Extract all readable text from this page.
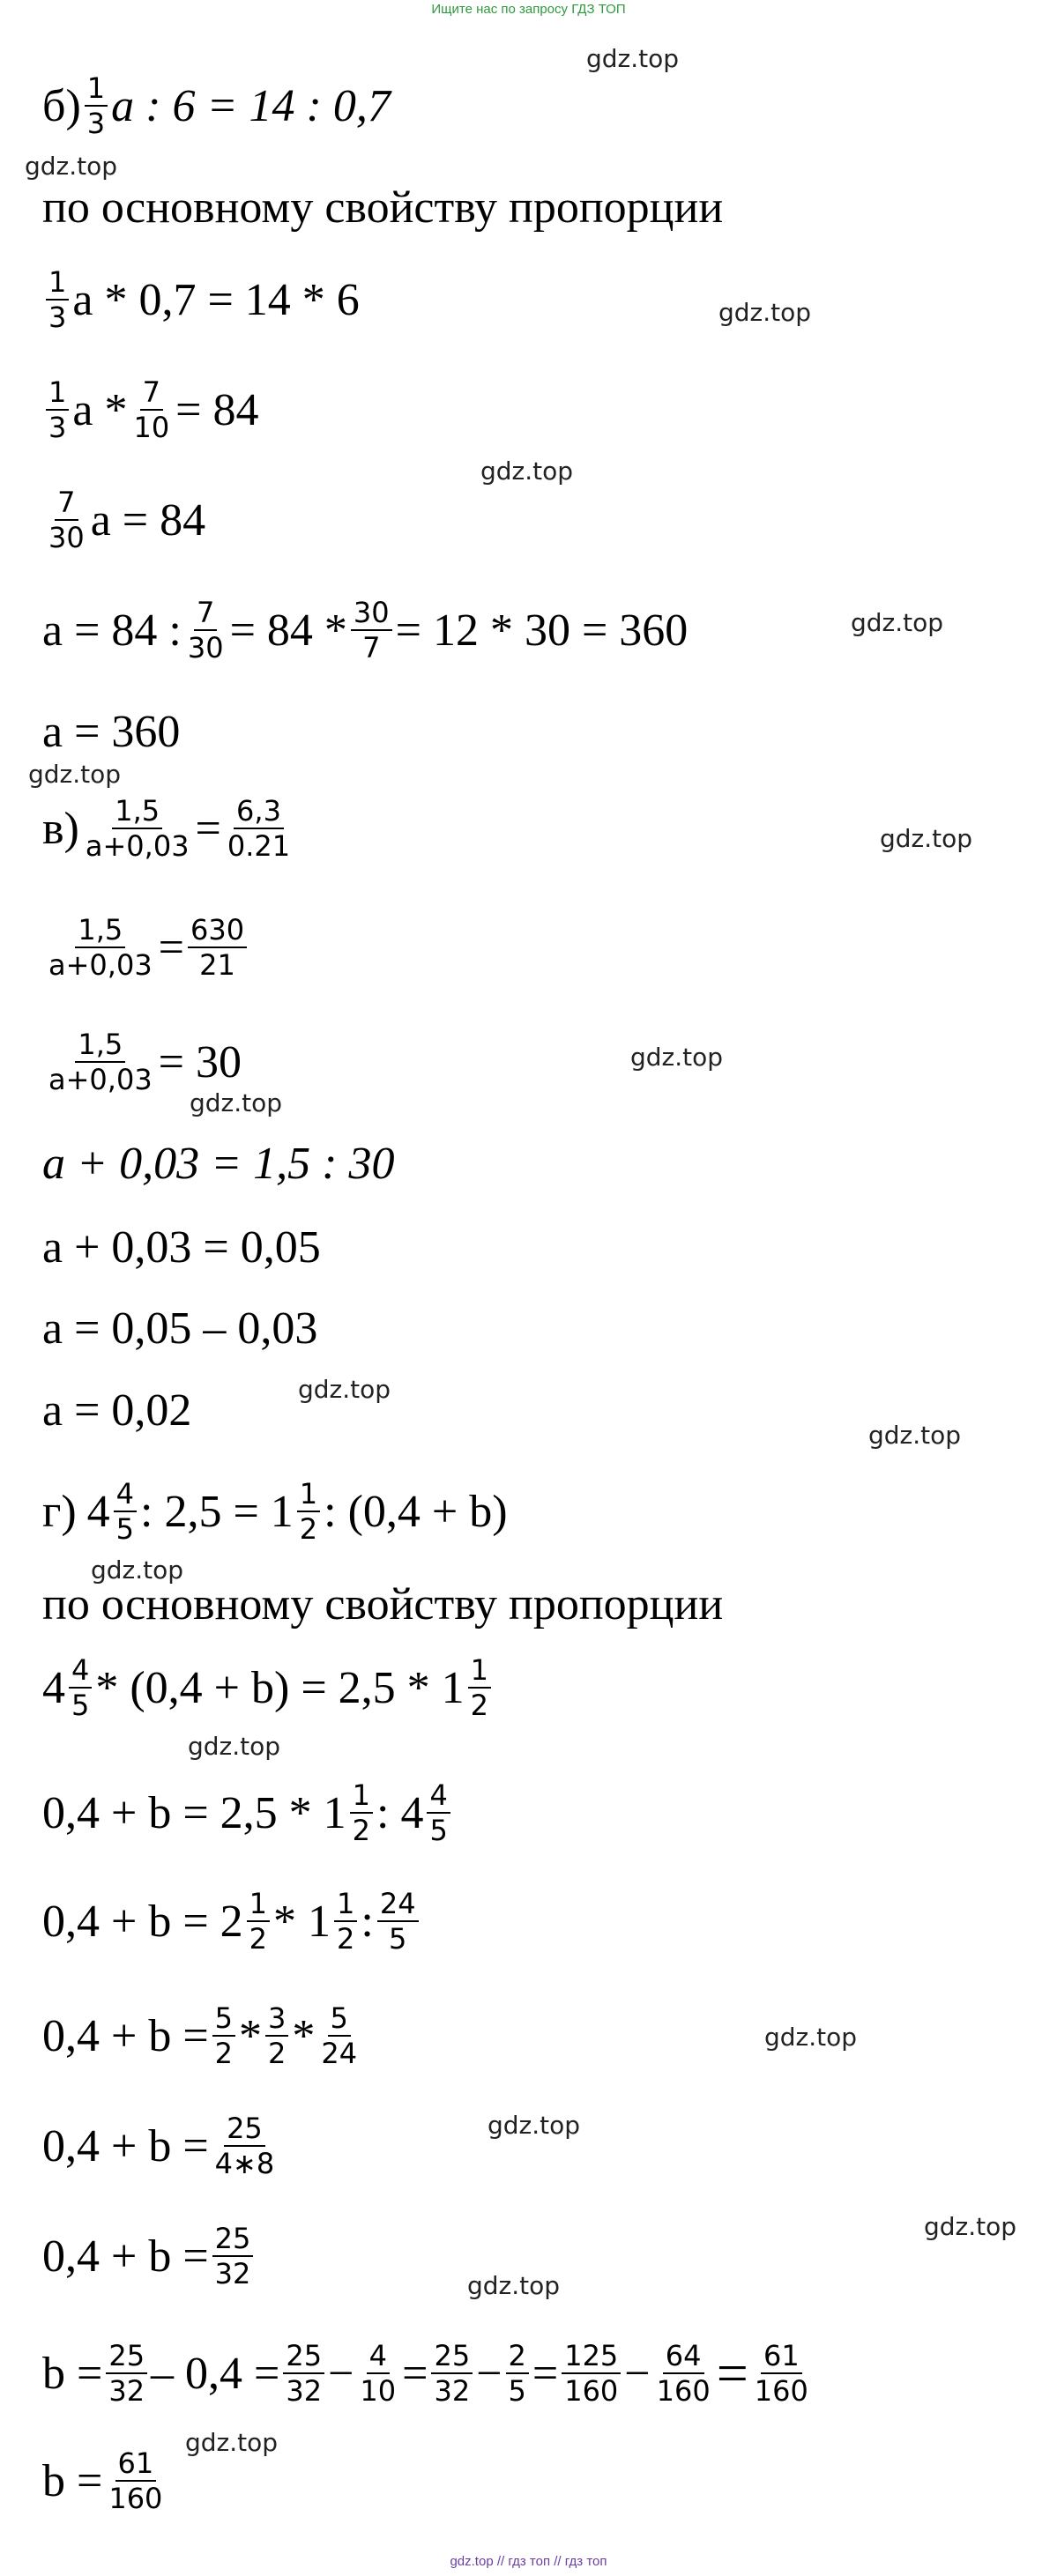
Ищите нас по запросу ГДЗ ТОП
gdz.top
gdz.top
gdz.top
gdz.top
gdz.top
gdz.top
gdz.top
gdz.top
gdz.top
gdz.top
gdz.top
gdz.top
gdz.top
gdz.top
gdz.top
gdz.top
gdz.top
gdz.top
$б) \frac{1}{3}$ a : 6 = 14 : 0,7
по основному свойству пропорции
$\frac{1}{3}$ a * 0,7 = 14 * 6
$\frac{1}{3}$ $a * \frac{7}{10} = 84$
$\frac{7}{30}$ a = 84
a = 84 : $\frac{7}{30} = 84 * \frac{30}{7} = 12 * 30 = 360$
a = 360
$в) \frac{1,5}{a+0,03} = \frac{6,3}{0.21}$
$\frac{1,5}{a+0,03} = \frac{630}{21}$
$\frac{1,5}{a+0,03} = 30$
a + 0,03 = 1,5 : 30
a + 0,03 = 0,05
a = 0,05 – 0,03
a = 0,02
г) $4 \frac{4}{5}$ : $2,5 = 1 \frac{1}{2}$ : (0,4 + b)
по основному свойству пропорции
$4 \frac{4}{5} * (0,4 + b) = 2,5 * 1 \frac{1}{2}$
$0,4 + b = 2,5 * 1 \frac{1}{2}$ : $4 \frac{4}{5}$
$0,4 + b = 2 \frac{1}{2} * 1 \frac{1}{2}$ : $\frac{24}{5}$
$0,4 + b = \frac{5}{2} * \frac{3}{2} * \frac{5}{24}$
$0,4 + b = \frac{25}{4∗8}$
$0,4 + b = \frac{25}{32}$
$b = \frac{25}{32} - 0,4 = \frac{25}{32} - \frac{4}{10} = \frac{25}{32} - \frac{2}{5} = \frac{125}{160} - \frac{64}{160} = \frac{61}{160}$
$b = \frac{61}{160}$
gdz.top // гдз топ // гдз топ
